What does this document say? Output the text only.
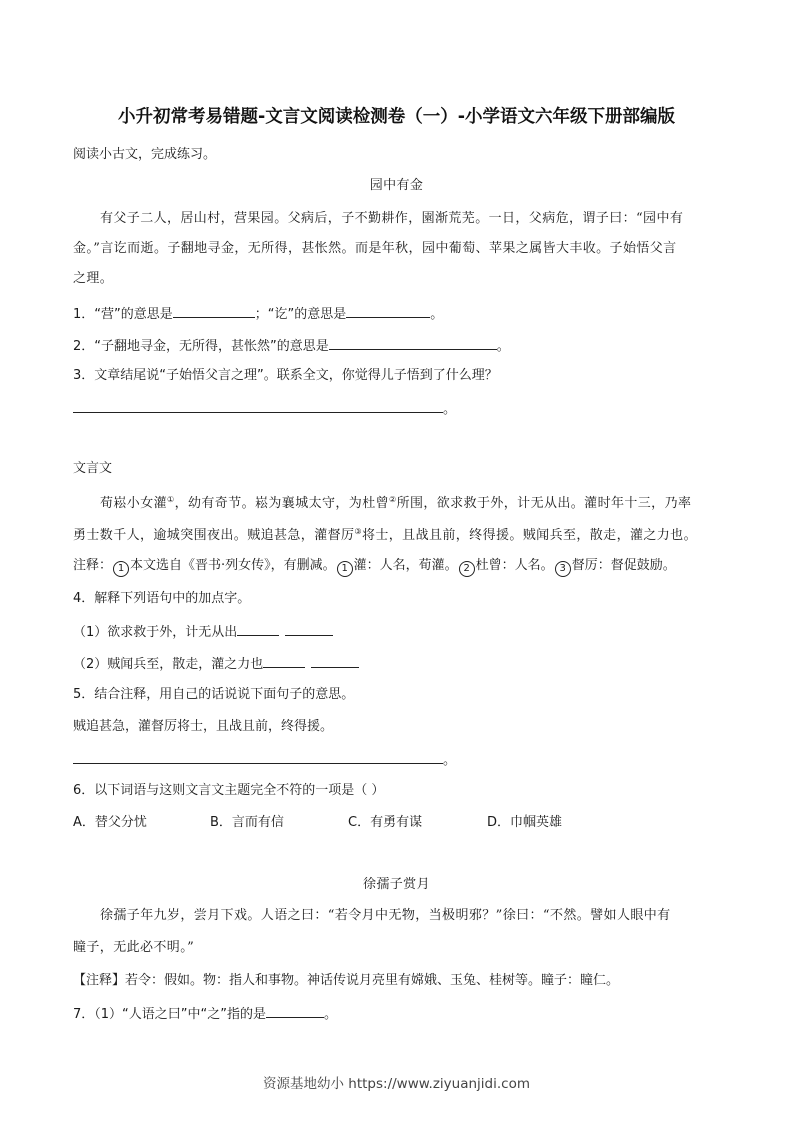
小升初常考易错题-文言文阅读检测卷（一）-小学语文六年级下册部编版
阅读小古文，完成练习。
园中有金
有父子二人，居山村，营果园。父病后，子不勤耕作，園渐荒芜。一日，父病危，谓子曰：“园中有
金。”言讫而逝。子翻地寻金，无所得，甚怅然。而是年秋，园中葡萄、苹果之属皆大丰收。子始悟父言
之理。
1．“营”的意思是	；“讫”的意思是	。
2．“子翻地寻金，无所得，甚怅然”的意思是	。
3．文章结尾说“子始悟父言之理”。联系全文，你觉得儿子悟到了什么理？
。
文言文
荀崧小女灌①，幼有奇节。崧为襄城太守，为杜曾②所围，欲求救于外，计无从出。灌时年十三，乃率
勇士数千人，逾城突围夜出。贼追甚急，灌督厉③将士，且战且前，终得援。贼闻兵至，散走，灌之力也。
注释： 1 本文选自《晋书·列女传》，有删减。 1 灌：人名，荀灌。 2 杜曾：人名。 3 督厉：督促鼓励。
4．解释下列语句中的加点字。
（1）欲求救于外，计无从出
（2）贼闻兵至，散走，灌之力也
5．结合注释，用自己的话说说下面句子的意思。
贼追甚急，灌督厉将士，且战且前，终得援。
。
6．以下词语与这则文言文主题完全不符的一项是（ ）
A．替父分忧	B．言而有信	C．有勇有谋	D．巾帼英雄
徐孺子赏月
徐孺子年九岁，尝月下戏。人语之曰：“若令月中无物，当极明邪？”徐曰：“不然。譬如人眼中有
瞳子，无此必不明。”
【注释】若令：假如。物：指人和事物。神话传说月亮里有嫦娥、玉兔、桂树等。瞳子：瞳仁。
7．（1）“人语之曰”中“之”指的是	。
资源基地幼小 https://www.ziyuanjidi.com
